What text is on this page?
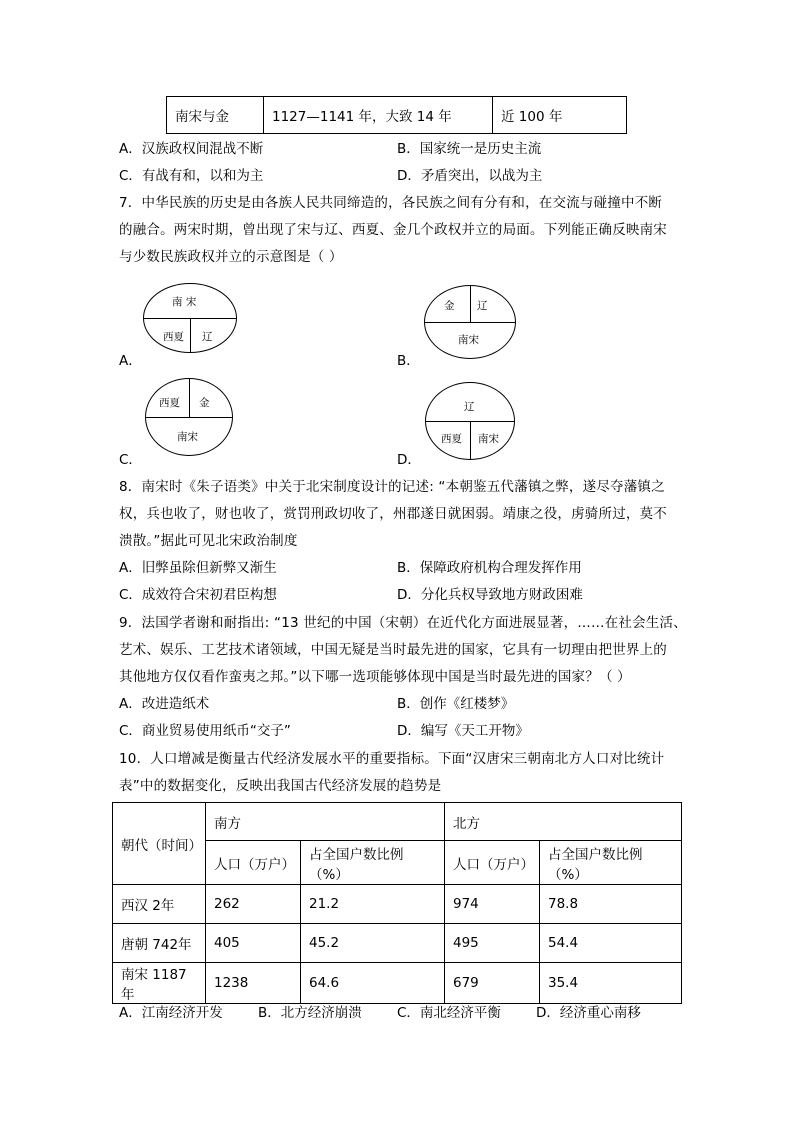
南宋与金	1127—1141 年，大致 14 年	近 100 年
A．汉族政权间混战不断	B．国家统一是历史主流
C．有战有和，以和为主	D．矛盾突出，以战为主
7．中华民族的历史是由各族人民共同缔造的，各民族之间有分有和，在交流与碰撞中不断
的融合。两宋时期，曾出现了宋与辽、西夏、金几个政权并立的局面。下列能正确反映南宋
与少数民族政权并立的示意图是（ ）
南 宋
西夏 辽
A．
金 辽
南宋
B．
西夏 金
南宋
C．
辽
西夏 南宋
D．
8．南宋时《朱子语类》中关于北宋制度设计的记述: “本朝鉴五代藩镇之弊，遂尽夺藩镇之
权，兵也收了，财也收了，赏罚刑政切收了，州郡遂日就困弱。靖康之役，虏骑所过，莫不
溃散。”据此可见北宋政治制度
A．旧弊虽除但新弊又渐生	B．保障政府机构合理发挥作用
C．成效符合宋初君臣构想	D．分化兵权导致地方财政困难
9．法国学者谢和耐指出: “13 世纪的中国（宋朝）在近代化方面进展显著，……在社会生活、
艺术、娱乐、工艺技术诸领域，中国无疑是当时最先进的国家，它具有一切理由把世界上的
其他地方仅仅看作蛮夷之邦。”以下哪一选项能够体现中国是当时最先进的国家？（ ）
A．改进造纸术	B．创作《红楼梦》
C．商业贸易使用纸币“交子”	D．编写《天工开物》
10．人口增减是衡量古代经济发展水平的重要指标。下面“汉唐宋三朝南北方人口对比统计
表”中的数据变化，反映出我国古代经济发展的趋势是
朝代（时间）	南方		北方	
	人口（万户）	占全国户数比例（%）	人口（万户）	占全国户数比例（%）
西汉 2年	262	21.2	974	78.8
唐朝 742年	405	45.2	495	54.4
南宋 1187年	1238	64.6	679	35.4
A．江南经济开发	B．北方经济崩溃	C．南北经济平衡	D．经济重心南移
